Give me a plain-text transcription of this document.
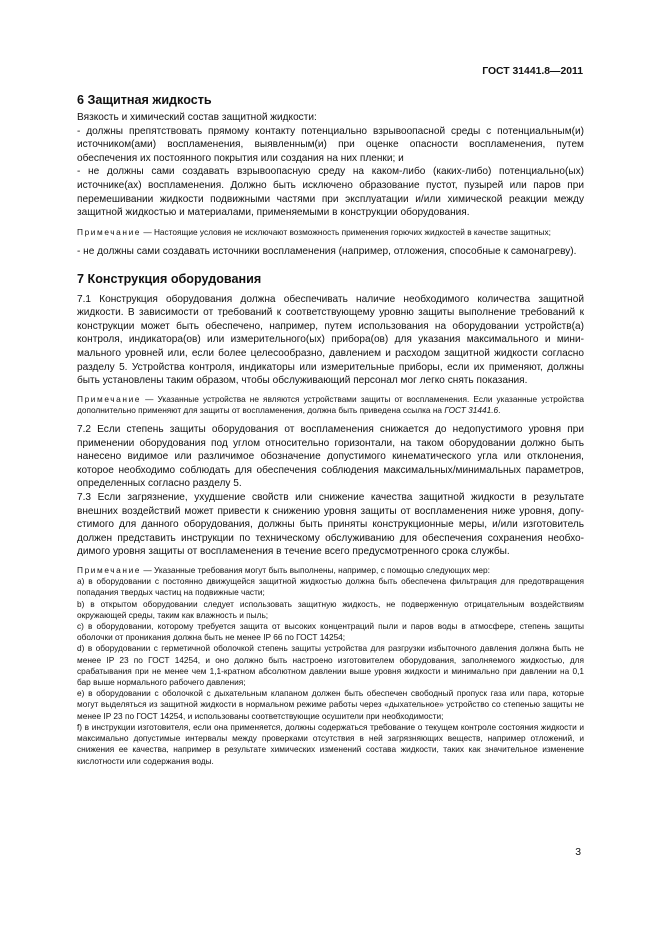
ГОСТ 31441.8—2011
6 Защитная жидкость

Вязкость и химический состав защитной жидкости:

- должны препятствовать прямому контакту потенциально взрывоопасной среды с потенциальным(и) источником(ами) воспламенения, выявленным(и) при оценке опасности воспламенения, путем обеспечения их постоянного покрытия или создания на них пленки; и

- не должны сами создавать взрывоопасную среду на каком-либо (каких-либо) потенциально(ых) источнике(ах) воспламенения. Должно быть исключено образование пустот, пузырей или паров при перемешивании жидкости подвижными частями при эксплуатации и/или химической реакции между защитной жидкостью и материалами, применяемыми в конструкции оборудования.

Примечание — Настоящие условия не исключают возможность применения горючих жидкостей в качестве защитных;

- не должны сами создавать источники воспламенения (например, отложения, способные к самонагреву).

7 Конструкция оборудования

7.1 Конструкция оборудования должна обеспечивать наличие необходимого количества защитной жидкости. В зависимости от требований к соответствующему уровню защиты выполнение требований к конструкции может быть обеспечено, например, путем использования на оборудовании устройств(а) контроля, индикатора(ов) или измерительного(ых) прибора(ов) для указания максимального и минимального уровней или, если более целесообразно, давлением и расходом защитной жидкости согласно разделу 5. Устройства контроля, индикаторы или измерительные приборы, если их применяют, должны быть установлены таким образом, чтобы обслуживающий персонал мог легко снять показания.

Примечание — Указанные устройства не являются устройствами защиты от воспламенения. Если указанные устройства дополнительно применяют для защиты от воспламенения, должна быть приведена ссылка на ГОСТ 31441.6.

7.2 Если степень защиты оборудования от воспламенения снижается до недопустимого уровня при применении оборудования под углом относительно горизонтали, на таком оборудовании должно быть нанесено видимое или различимое обозначение допустимого кинематического угла или отклонения, которое необходимо соблюдать для обеспечения соблюдения максимальных/минимальных параметров, определенных согласно разделу 5.

7.3 Если загрязнение, ухудшение свойств или снижение качества защитной жидкости в результате внешних воздействий может привести к снижению уровня защиты от воспламенения ниже уровня, допустимого для данного оборудования, должны быть приняты конструкционные меры, и/или изготовитель должен представить инструкции по техническому обслуживанию для обеспечения сохранения необходимого уровня защиты от воспламенения в течение всего предусмотренного срока службы.

Примечание — Указанные требования могут быть выполнены, например, с помощью следующих мер:

а) в оборудовании с постоянно движущейся защитной жидкостью должна быть обеспечена фильтрация для предотвращения попадания твердых частиц на подвижные части;

b) в открытом оборудовании следует использовать защитную жидкость, не подверженную отрицательным воздействиям окружающей среды, таким как влажность и пыль;

с) в оборудовании, которому требуется защита от высоких концентраций пыли и паров воды в атмосфере, степень защиты оболочки от проникания должна быть не менее IP 66 по ГОСТ 14254;

d) в оборудовании с герметичной оболочкой степень защиты устройства для разгрузки избыточного давления должна быть не менее IP 23 по ГОСТ 14254, и оно должно быть настроено изготовителем оборудования, заполняемого жидкостью, для срабатывания при не менее чем 1,1-кратном абсолютном давлении выше уровня жидкости и минимально при давлении на 0,1 бар выше нормального рабочего давления;

е) в оборудовании с оболочкой с дыхательным клапаном должен быть обеспечен свободный пропуск газа или пара, которые могут выделяться из защитной жидкости в нормальном режиме работы через «дыхательное» устройство со степенью защиты не менее IP 23 по ГОСТ 14254, и использованы соответствующие осушители при необходимости;

f) в инструкции изготовителя, если она применяется, должны содержаться требование о текущем контроле состояния жидкости и максимально допустимые интервалы между проверками отсутствия в ней загрязняющих веществ, например отложений, и снижения ее качества, например в результате химических изменений состава жидкости, таких как значительное изменение кислотности или содержания воды.

3
